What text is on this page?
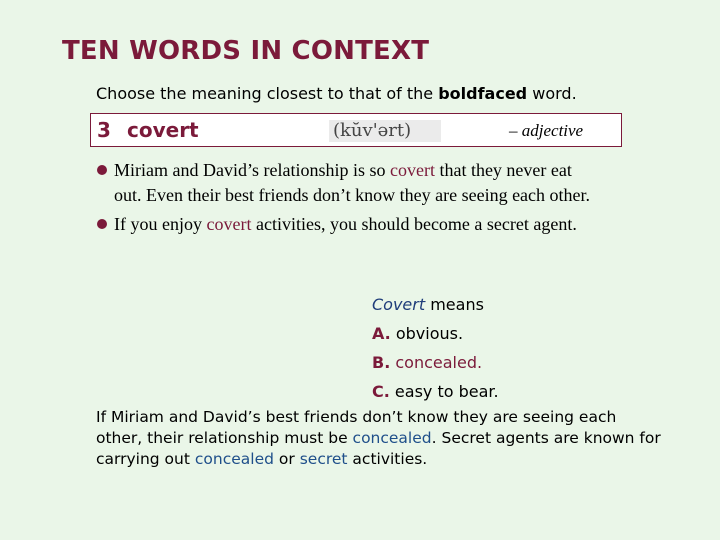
TEN WORDS IN CONTEXT
Choose the meaning closest to that of the boldfaced word.
3 covert	(kŭv'ərt)	– adjective
Miriam and David’s relationship is so covert that they never eat
out. Even their best friends don’t know they are seeing each other.
If you enjoy covert activities, you should become a secret agent.
Covert means
A. obvious.
B. concealed.
C. easy to bear.
If Miriam and David’s best friends don’t know they are seeing each other, their relationship must be concealed. Secret agents are known for carrying out concealed or secret activities.
